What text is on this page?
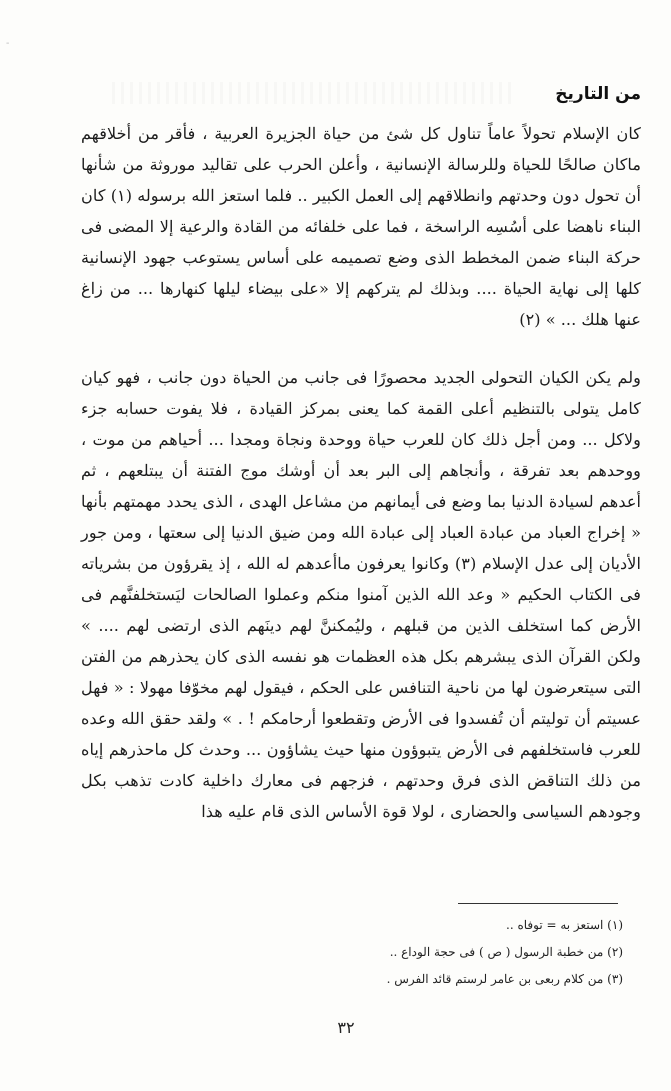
-
من التاريخ

كان الإسلام تحولاً عاماً تناول كل شئ من حياة الجزيرة العربية ، فأقر من أخلاقهم ماكان صالحًا للحياة وللرسالة الإنسانية ، وأعلن الحرب على تقاليد موروثة من شأنها أن تحول دون وحدتهم وانطلاقهم إلى العمل الكبير .. فلما استعز الله برسوله (١) كان البناء ناهضا على أسُسِه الراسخة ، فما على خلفائه من القادة والرعية إلا المضى فى حركة البناء ضمن المخطط الذى وضع تصميمه على أساس يستوعب جهود الإنسانية كلها إلى نهاية الحياة .... وبذلك لم يتركهم إلا «على بيضاء ليلها كنهارها ... من زاغ عنها هلك ... » (٢)

ولم يكن الكيان التحولى الجديد محصورًا فى جانب من الحياة دون جانب ، فهو كيان كامل يتولى بالتنظيم أعلى القمة كما يعنى بمركز القيادة ، فلا يفوت حسابه جزء ولاكل ... ومن أجل ذلك كان للعرب حياة ووحدة ونجاة ومجدا ... أحياهم من موت ، ووحدهم بعد تفرقة ، وأنجاهم إلى البر بعد أن أوشك موج الفتنة أن يبتلعهم ، ثم أعدهم لسيادة الدنيا بما وضع فى أيمانهم من مشاعل الهدى ، الذى يحدد مهمتهم بأنها « إخراج العباد من عبادة العباد إلى عبادة الله ومن ضيق الدنيا إلى سعتها ، ومن جور الأديان إلى عدل الإسلام (٣) وكانوا يعرفون ماأعدهم له الله ، إذ يقرؤون من بشرياته فى الكتاب الحكيم « وعد الله الذين آمنوا منكم وعملوا الصالحات ليَستخلفنَّهم فى الأرض كما استخلف الذين من قبلهم ، وليُمكننَّ لهم دينَهم الذى ارتضى لهم .... » ولكن القرآن الذى يبشرهم بكل هذه العظمات هو نفسه الذى كان يحذرهم من الفتن التى سيتعرضون لها من ناحية التنافس على الحكم ، فيقول لهم مخوّفا مهولا : « فهل عسيتم أن توليتم أن تُفسدوا فى الأرض وتقطعوا أرحامكم ! . » ولقد حقق الله وعده للعرب فاستخلفهم فى الأرض يتبوؤون منها حيث يشاؤون ... وحدث كل ماحذرهم إياه من ذلك التناقض الذى فرق وحدتهم ، فزجهم فى معارك داخلية كادت تذهب بكل وجودهم السياسى والحضارى ، لولا قوة الأساس الذى قام عليه هذا

(١) استعز به = توفاه ..
(٢) من خطبة الرسول ( ص ) فى حجة الوداع ..
(٣) من كلام ربعى بن عامر لرستم قائد الفرس .
٣٢
